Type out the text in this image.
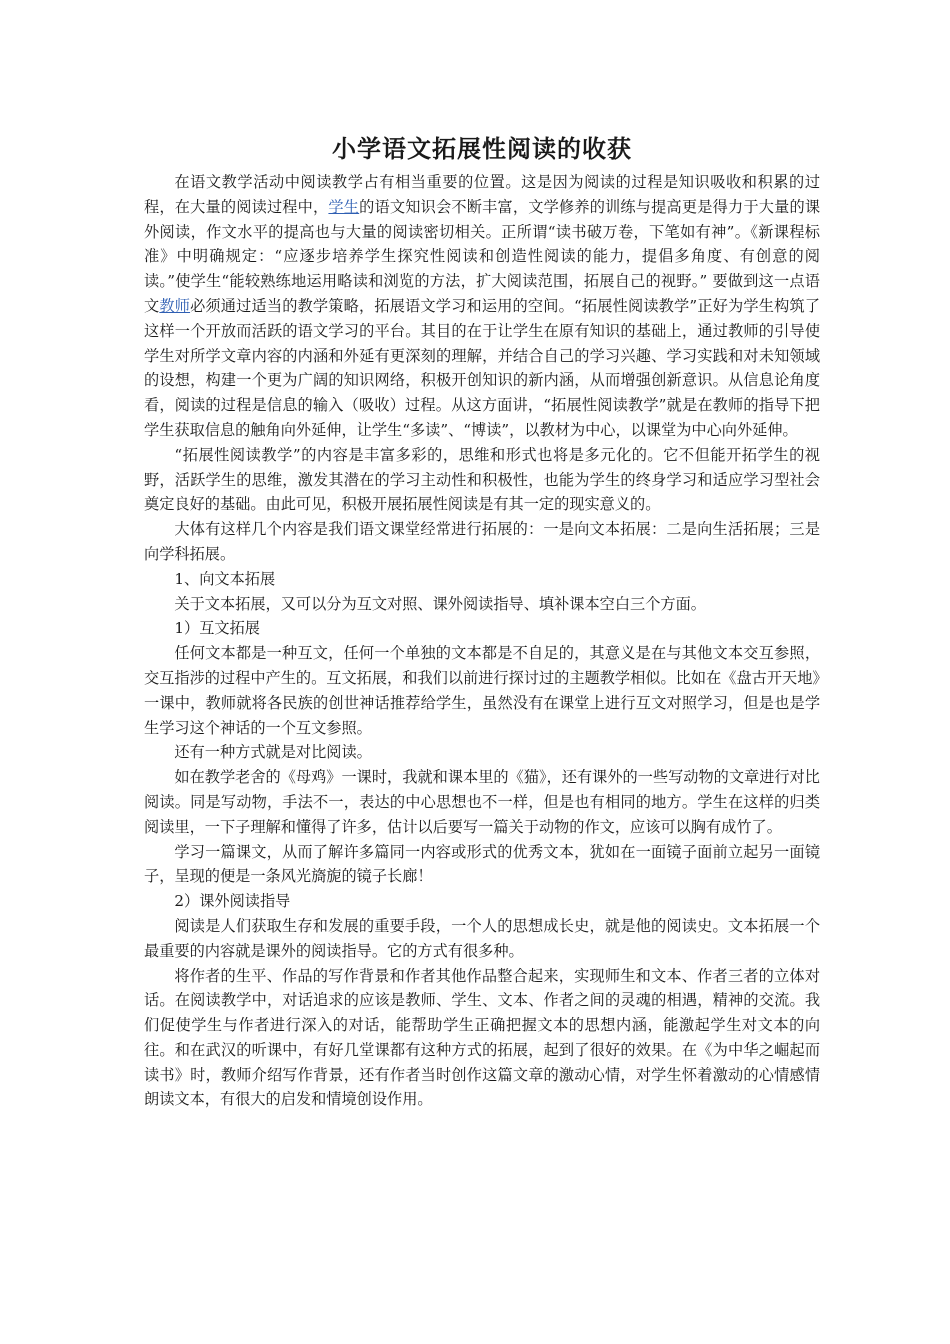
小学语文拓展性阅读的收获

在语文教学活动中阅读教学占有相当重要的位置。这是因为阅读的过程是知识吸收和积累的过程，在大量的阅读过程中，学生的语文知识会不断丰富，文学修养的训练与提高更是得力于大量的课外阅读，作文水平的提高也与大量的阅读密切相关。正所谓“读书破万卷，下笔如有神”。《新课程标准》中明确规定：“应逐步培养学生探究性阅读和创造性阅读的能力，提倡多角度、有创意的阅读。”使学生“能较熟练地运用略读和浏览的方法，扩大阅读范围，拓展自己的视野。” 要做到这一点语文教师必须通过适当的教学策略，拓展语文学习和运用的空间。“拓展性阅读教学”正好为学生构筑了这样一个开放而活跃的语文学习的平台。其目的在于让学生在原有知识的基础上，通过教师的引导使学生对所学文章内容的内涵和外延有更深刻的理解，并结合自己的学习兴趣、学习实践和对未知领域的设想，构建一个更为广阔的知识网络，积极开创知识的新内涵，从而增强创新意识。从信息论角度看，阅读的过程是信息的输入（吸收）过程。从这方面讲，“拓展性阅读教学”就是在教师的指导下把学生获取信息的触角向外延伸，让学生“多读”、“博读”，以教材为中心，以课堂为中心向外延伸。

“拓展性阅读教学”的内容是丰富多彩的，思维和形式也将是多元化的。它不但能开拓学生的视野，活跃学生的思维，激发其潜在的学习主动性和积极性，也能为学生的终身学习和适应学习型社会奠定良好的基础。由此可见，积极开展拓展性阅读是有其一定的现实意义的。

大体有这样几个内容是我们语文课堂经常进行拓展的：一是向文本拓展：二是向生活拓展；三是向学科拓展。

1、向文本拓展

关于文本拓展，又可以分为互文对照、课外阅读指导、填补课本空白三个方面。

1）互文拓展

任何文本都是一种互文，任何一个单独的文本都是不自足的，其意义是在与其他文本交互参照，交互指涉的过程中产生的。互文拓展，和我们以前进行探讨过的主题教学相似。比如在《盘古开天地》一课中，教师就将各民族的创世神话推荐给学生，虽然没有在课堂上进行互文对照学习，但是也是学生学习这个神话的一个互文参照。

还有一种方式就是对比阅读。

如在教学老舍的《母鸡》一课时，我就和课本里的《猫》，还有课外的一些写动物的文章进行对比阅读。同是写动物，手法不一，表达的中心思想也不一样，但是也有相同的地方。学生在这样的归类阅读里，一下子理解和懂得了许多，估计以后要写一篇关于动物的作文，应该可以胸有成竹了。

学习一篇课文，从而了解许多篇同一内容或形式的优秀文本，犹如在一面镜子面前立起另一面镜子，呈现的便是一条风光旖旎的镜子长廊！

2）课外阅读指导

阅读是人们获取生存和发展的重要手段，一个人的思想成长史，就是他的阅读史。文本拓展一个最重要的内容就是课外的阅读指导。它的方式有很多种。

将作者的生平、作品的写作背景和作者其他作品整合起来，实现师生和文本、作者三者的立体对话。在阅读教学中，对话追求的应该是教师、学生、文本、作者之间的灵魂的相遇，精神的交流。我们促使学生与作者进行深入的对话，能帮助学生正确把握文本的思想内涵，能激起学生对文本的向往。和在武汉的听课中，有好几堂课都有这种方式的拓展，起到了很好的效果。在《为中华之崛起而读书》时，教师介绍写作背景，还有作者当时创作这篇文章的激动心情，对学生怀着激动的心情感情朗读文本，有很大的启发和情境创设作用。
